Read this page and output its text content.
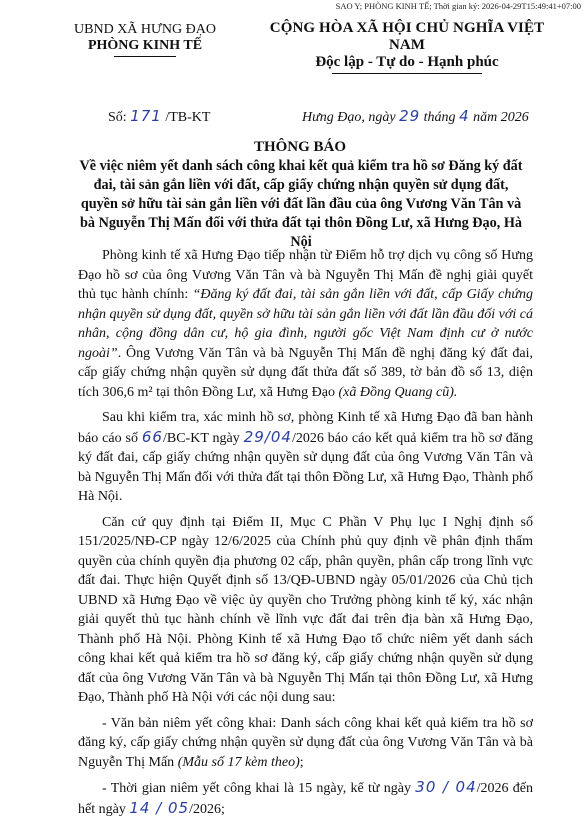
SAO Y; PHÒNG KINH TẾ; Thời gian ký: 2026-04-29T15:49:41+07:00
UBND XÃ HƯNG ĐẠO
PHÒNG KINH TẾ
CỘNG HÒA XÃ HỘI CHỦ NGHĨA VIỆT NAM
Độc lập - Tự do - Hạnh phúc
Số: 171 /TB-KT	Hưng Đạo, ngày 29 tháng 4 năm 2026
THÔNG BÁO
Về việc niêm yết danh sách công khai kết quả kiểm tra hồ sơ Đăng ký đất đai, tài sản gắn liền với đất, cấp giấy chứng nhận quyền sử dụng đất, quyền sở hữu tài sản gắn liền với đất lần đầu của ông Vương Văn Tân và bà Nguyễn Thị Mấn đối với thửa đất tại thôn Đồng Lư, xã Hưng Đạo, Hà Nội

Phòng kinh tế xã Hưng Đạo tiếp nhận từ Điểm hỗ trợ dịch vụ công số Hưng Đạo hồ sơ của ông Vương Văn Tân và bà Nguyễn Thị Mấn đề nghị giải quyết thủ tục hành chính: “Đăng ký đất đai, tài sản gắn liền với đất, cấp Giấy chứng nhận quyền sử dụng đất, quyền sở hữu tài sản gắn liền với đất lần đầu đối với cá nhân, cộng đồng dân cư, hộ gia đình, người gốc Việt Nam định cư ở nước ngoài”. Ông Vương Văn Tân và bà Nguyễn Thị Mấn đề nghị đăng ký đất đai, cấp giấy chứng nhận quyền sử dụng đất thửa đất số 389, tờ bản đồ số 13, diện tích 306,6 m² tại thôn Đồng Lư, xã Hưng Đạo (xã Đồng Quang cũ).

Sau khi kiểm tra, xác minh hồ sơ, phòng Kinh tế xã Hưng Đạo đã ban hành báo cáo số 66/BC-KT ngày 29/04/2026 báo cáo kết quả kiểm tra hồ sơ đăng ký đất đai, cấp giấy chứng nhận quyền sử dụng đất của ông Vương Văn Tân và bà Nguyễn Thị Mấn đối với thửa đất tại thôn Đồng Lư, xã Hưng Đạo, Thành phố Hà Nội.

Căn cứ quy định tại Điểm II, Mục C Phần V Phụ lục I Nghị định số 151/2025/NĐ-CP ngày 12/6/2025 của Chính phủ quy định về phân định thẩm quyền của chính quyền địa phương 02 cấp, phân quyền, phân cấp trong lĩnh vực đất đai. Thực hiện Quyết định số 13/QĐ-UBND ngày 05/01/2026 của Chủ tịch UBND xã Hưng Đạo về việc ủy quyền cho Trưởng phòng kinh tế ký, xác nhận giải quyết thủ tục hành chính về lĩnh vực đất đai trên địa bàn xã Hưng Đạo, Thành phố Hà Nội. Phòng Kinh tế xã Hưng Đạo tổ chức niêm yết danh sách công khai kết quả kiểm tra hồ sơ đăng ký, cấp giấy chứng nhận quyền sử dụng đất của ông Vương Văn Tân và bà Nguyễn Thị Mấn tại thôn Đồng Lư, xã Hưng Đạo, Thành phố Hà Nội với các nội dung sau:

- Văn bản niêm yết công khai: Danh sách công khai kết quả kiểm tra hồ sơ đăng ký, cấp giấy chứng nhận quyền sử dụng đất của ông Vương Văn Tân và bà Nguyễn Thị Mấn (Mẫu số 17 kèm theo);

- Thời gian niêm yết công khai là 15 ngày, kể từ ngày 30 / 04/2026 đến hết ngày 14 / 05/2026;
